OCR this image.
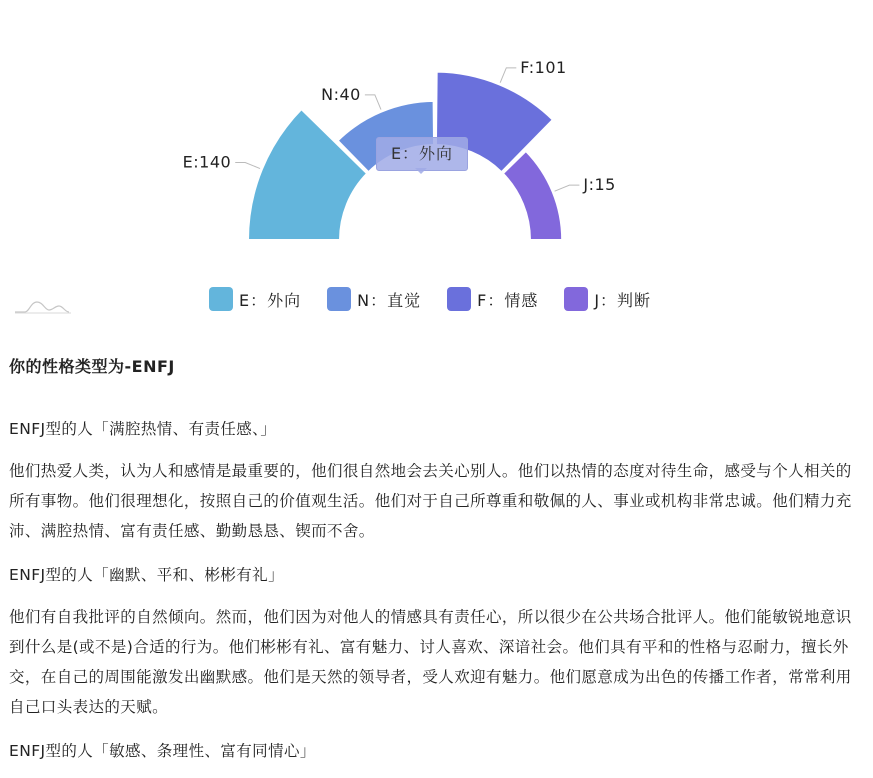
E:140
N:40
F:101
J:15
E：外向
E：外向	N：直觉	F：情感	J：判断
你的性格类型为-ENFJ

ENFJ型的人「满腔热情、有责任感、」

他们热爱人类，认为人和感情是最重要的，他们很自然地会去关心别人。他们以热情的态度对待生命，感受与个人相关的所有事物。他们很理想化，按照自己的价值观生活。他们对于自己所尊重和敬佩的人、事业或机构非常忠诚。他们精力充沛、满腔热情、富有责任感、勤勤恳恳、锲而不舍。

ENFJ型的人「幽默、平和、彬彬有礼」

他们有自我批评的自然倾向。然而，他们因为对他人的情感具有责任心，所以很少在公共场合批评人。他们能敏锐地意识到什么是(或不是)合适的行为。他们彬彬有礼、富有魅力、讨人喜欢、深谙社会。他们具有平和的性格与忍耐力，擅长外交，在自己的周围能激发出幽默感。他们是天然的领导者，受人欢迎有魅力。他们愿意成为出色的传播工作者，常常利用自己口头表达的天赋。

ENFJ型的人「敏感、条理性、富有同情心」
